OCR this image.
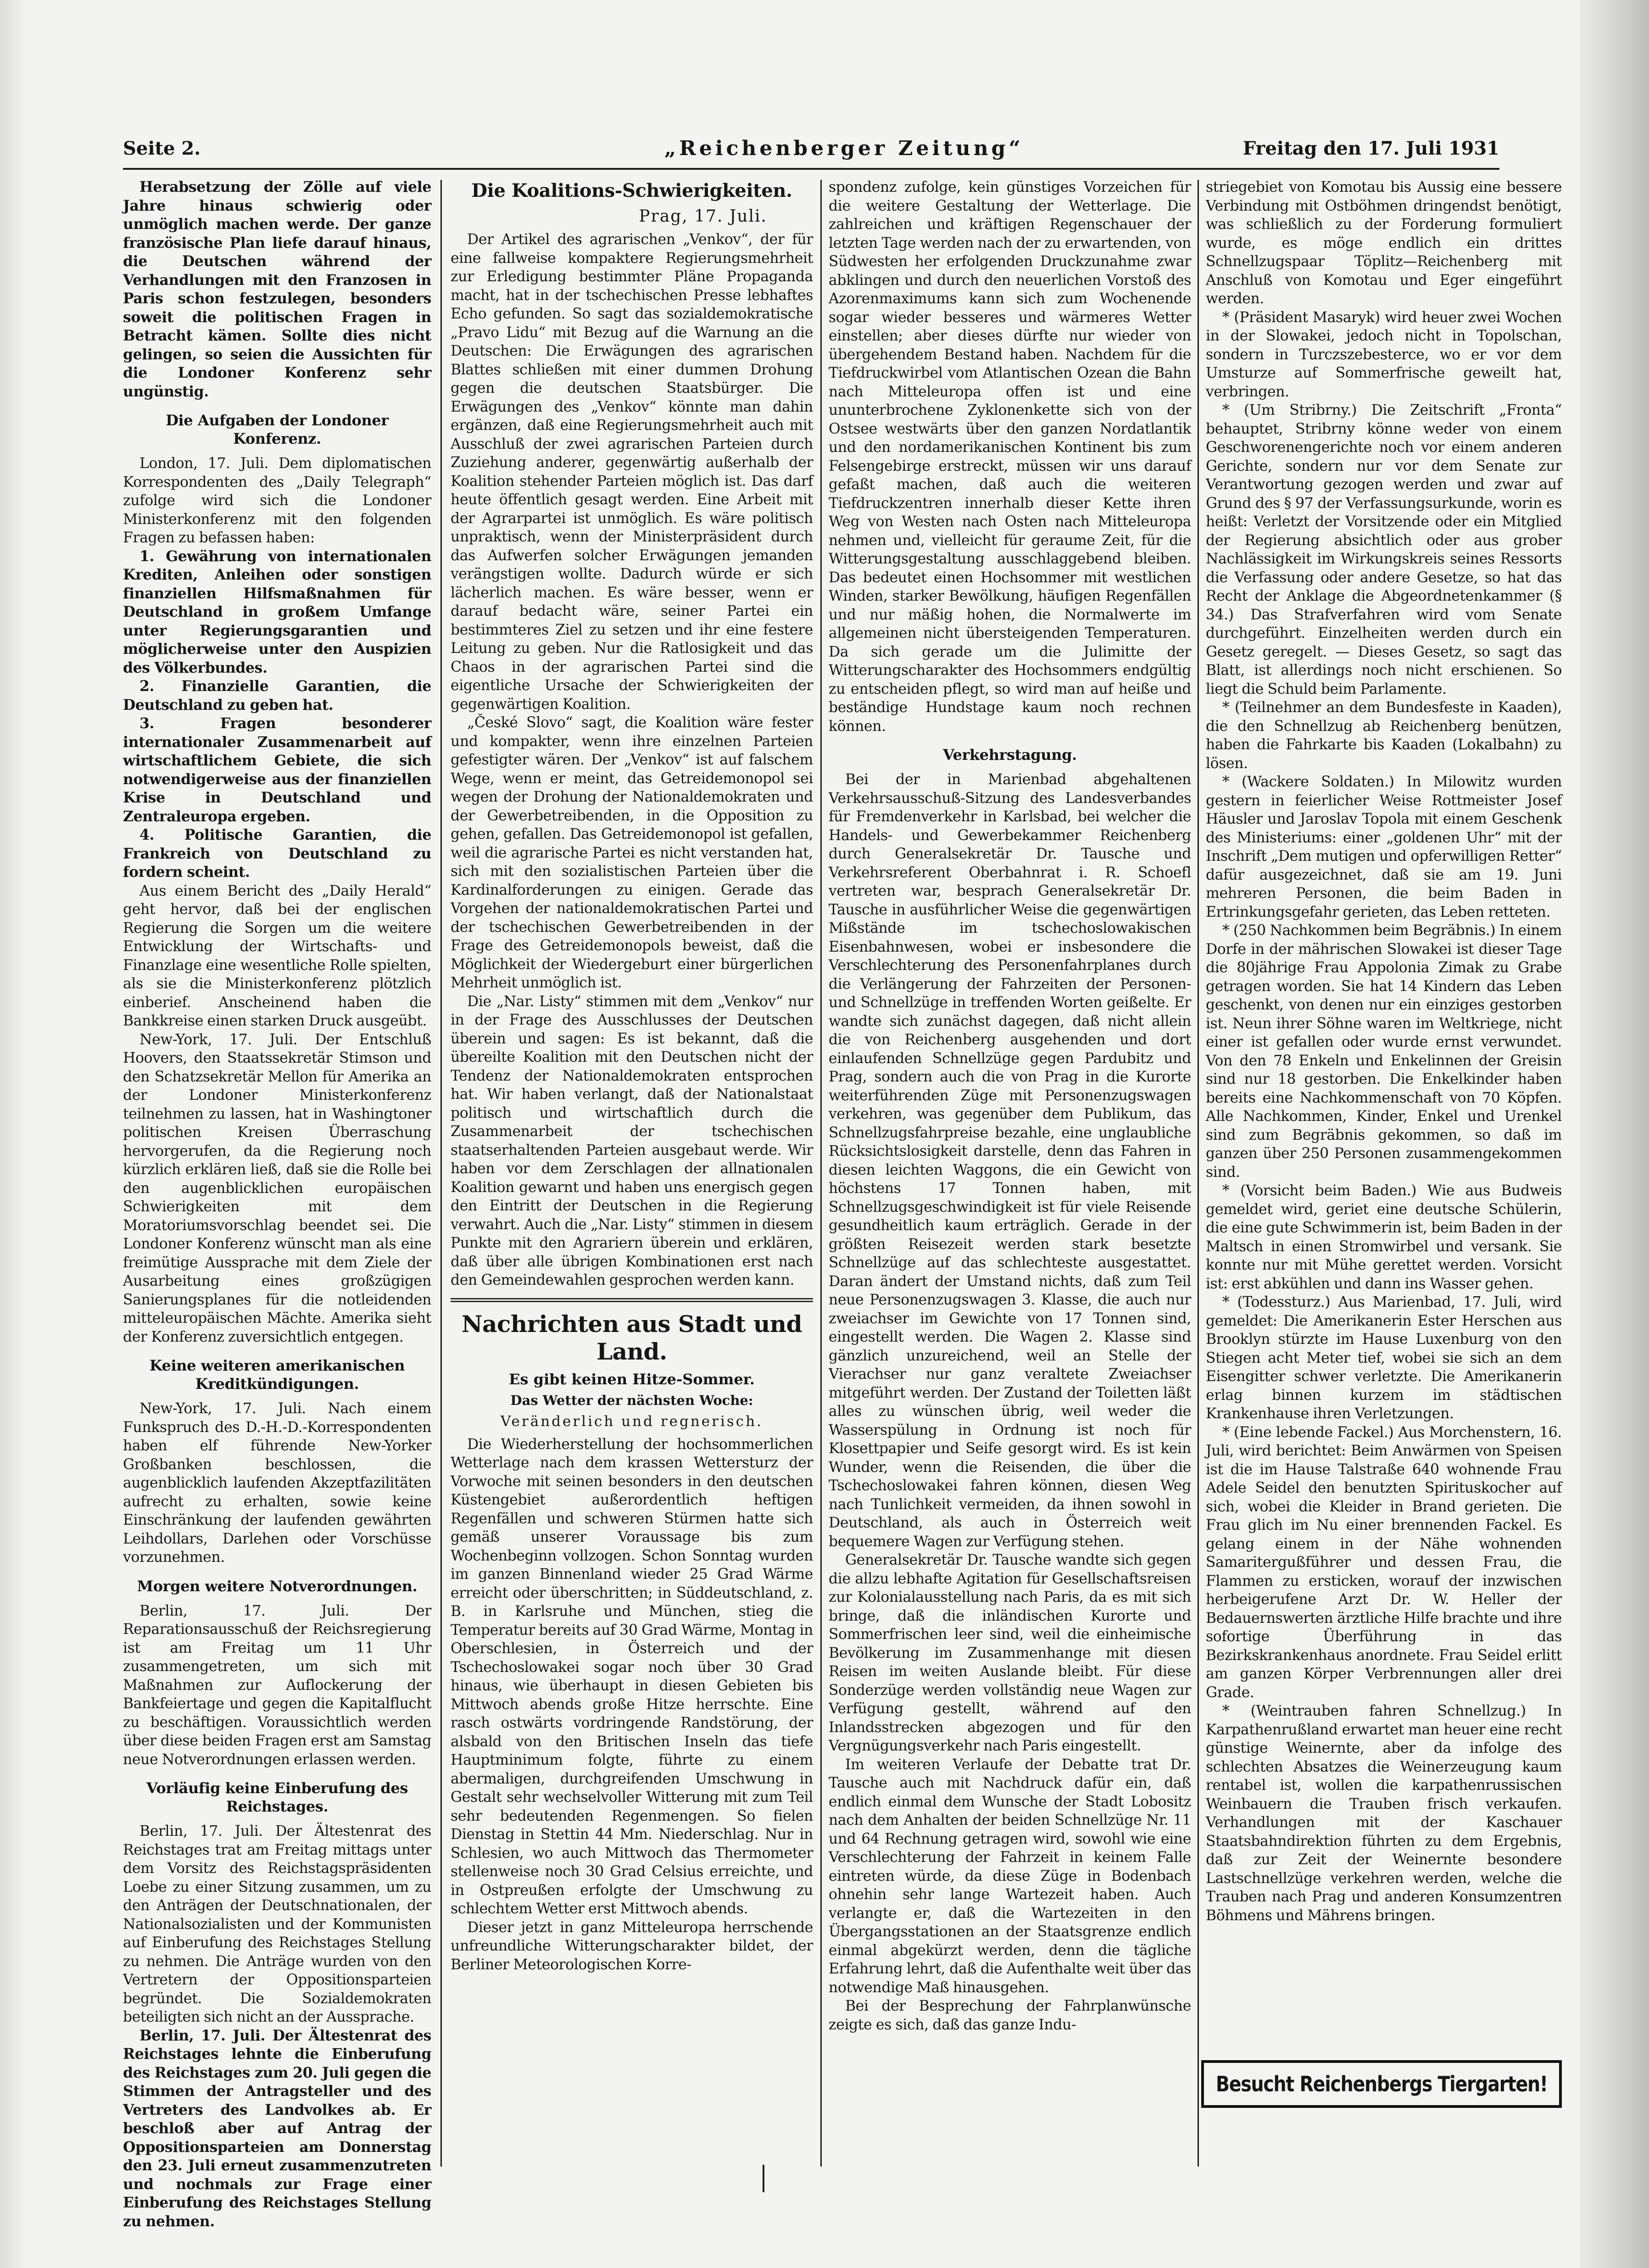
Seite 2.	„Reichenberger Zeitung“	Freitag den 17. Juli 1931

Herabsetzung der Zölle auf viele Jahre hinaus schwierig oder unmöglich machen werde. Der ganze französische Plan liefe darauf hinaus, die Deutschen während der Verhandlungen mit den Franzosen in Paris schon festzulegen, besonders soweit die politischen Fragen in Betracht kämen. Sollte dies nicht gelingen, so seien die Aussichten für die Londoner Konferenz sehr ungünstig.

Die Aufgaben der Londoner Konferenz.

London, 17. Juli. Dem diplomatischen Korrespondenten des „Daily Telegraph“ zufolge wird sich die Londoner Ministerkonferenz mit den folgenden Fragen zu befassen haben:

1. Gewährung von internationalen Krediten, Anleihen oder sonstigen finanziellen Hilfsmaßnahmen für Deutschland in großem Umfange unter Regierungsgarantien und möglicherweise unter den Auspizien des Völkerbundes.

2. Finanzielle Garantien, die Deutschland zu geben hat.

3. Fragen besonderer internationaler Zusammenarbeit auf wirtschaftlichem Gebiete, die sich notwendigerweise aus der finanziellen Krise in Deutschland und Zentraleuropa ergeben.

4. Politische Garantien, die Frankreich von Deutschland zu fordern scheint.

Aus einem Bericht des „Daily Herald“ geht hervor, daß bei der englischen Regierung die Sorgen um die weitere Entwicklung der Wirtschafts- und Finanzlage eine wesentliche Rolle spielten, als sie die Ministerkonferenz plötzlich einberief. Anscheinend haben die Bankkreise einen starken Druck ausgeübt.

New-York, 17. Juli. Der Entschluß Hoovers, den Staatssekretär Stimson und den Schatzsekretär Mellon für Amerika an der Londoner Ministerkonferenz teilnehmen zu lassen, hat in Washingtoner politischen Kreisen Überraschung hervorgerufen, da die Regierung noch kürzlich erklären ließ, daß sie die Rolle bei den augenblicklichen europäischen Schwierigkeiten mit dem Moratoriumsvorschlag beendet sei. Die Londoner Konferenz wünscht man als eine freimütige Aussprache mit dem Ziele der Ausarbeitung eines großzügigen Sanierungsplanes für die notleidenden mitteleuropäischen Mächte. Amerika sieht der Konferenz zuversichtlich entgegen.

Keine weiteren amerikanischen Kreditkündigungen.

New-York, 17. Juli. Nach einem Funkspruch des D.-H.-D.-Korrespondenten haben elf führende New-Yorker Großbanken beschlossen, die augenblicklich laufenden Akzeptfazilitäten aufrecht zu erhalten, sowie keine Einschränkung der laufenden gewährten Leihdollars, Darlehen oder Vorschüsse vorzunehmen.

Morgen weitere Notverordnungen.

Berlin, 17. Juli. Der Reparationsausschuß der Reichsregierung ist am Freitag um 11 Uhr zusammengetreten, um sich mit Maßnahmen zur Auflockerung der Bankfeiertage und gegen die Kapitalflucht zu beschäftigen. Voraussichtlich werden über diese beiden Fragen erst am Samstag neue Notverordnungen erlassen werden.

Vorläufig keine Einberufung des Reichstages.

Berlin, 17. Juli. Der Ältestenrat des Reichstages trat am Freitag mittags unter dem Vorsitz des Reichstagspräsidenten Loebe zu einer Sitzung zusammen, um zu den Anträgen der Deutschnationalen, der Nationalsozialisten und der Kommunisten auf Einberufung des Reichstages Stellung zu nehmen. Die Anträge wurden von den Vertretern der Oppositionsparteien begründet. Die Sozialdemokraten beteiligten sich nicht an der Aussprache.

Berlin, 17. Juli. Der Ältestenrat des Reichstages lehnte die Einberufung des Reichstages zum 20. Juli gegen die Stimmen der Antragsteller und des Vertreters des Landvolkes ab. Er beschloß aber auf Antrag der Oppositionsparteien am Donnerstag den 23. Juli erneut zusammenzutreten und nochmals zur Frage einer Einberufung des Reichstages Stellung zu nehmen.

Die Koalitions-Schwierigkeiten.
Prag, 17. Juli.

Der Artikel des agrarischen „Venkov“, der für eine fallweise kompaktere Regierungsmehrheit zur Erledigung bestimmter Pläne Propaganda macht, hat in der tschechischen Presse lebhaftes Echo gefunden. So sagt das sozialdemokratische „Pravo Lidu“ mit Bezug auf die Warnung an die Deutschen: Die Erwägungen des agrarischen Blattes schließen mit einer dummen Drohung gegen die deutschen Staatsbürger. Die Erwägungen des „Venkov“ könnte man dahin ergänzen, daß eine Regierungsmehrheit auch mit Ausschluß der zwei agrarischen Parteien durch Zuziehung anderer, gegenwärtig außerhalb der Koalition stehender Parteien möglich ist. Das darf heute öffentlich gesagt werden. Eine Arbeit mit der Agrarpartei ist unmöglich. Es wäre politisch unpraktisch, wenn der Ministerpräsident durch das Aufwerfen solcher Erwägungen jemanden verängstigen wollte. Dadurch würde er sich lächerlich machen. Es wäre besser, wenn er darauf bedacht wäre, seiner Partei ein bestimmteres Ziel zu setzen und ihr eine festere Leitung zu geben. Nur die Ratlosigkeit und das Chaos in der agrarischen Partei sind die eigentliche Ursache der Schwierigkeiten der gegenwärtigen Koalition.

„České Slovo“ sagt, die Koalition wäre fester und kompakter, wenn ihre einzelnen Parteien gefestigter wären. Der „Venkov“ ist auf falschem Wege, wenn er meint, das Getreidemonopol sei wegen der Drohung der Nationaldemokraten und der Gewerbetreibenden, in die Opposition zu gehen, gefallen. Das Getreidemonopol ist gefallen, weil die agrarische Partei es nicht verstanden hat, sich mit den sozialistischen Parteien über die Kardinalforderungen zu einigen. Gerade das Vorgehen der nationaldemokratischen Partei und der tschechischen Gewerbetreibenden in der Frage des Getreidemonopols beweist, daß die Möglichkeit der Wiedergeburt einer bürgerlichen Mehrheit unmöglich ist.

Die „Nar. Listy“ stimmen mit dem „Venkov“ nur in der Frage des Ausschlusses der Deutschen überein und sagen: Es ist bekannt, daß die übereilte Koalition mit den Deutschen nicht der Tendenz der Nationaldemokraten entsprochen hat. Wir haben verlangt, daß der Nationalstaat politisch und wirtschaftlich durch die Zusammenarbeit der tschechischen staatserhaltenden Parteien ausgebaut werde. Wir haben vor dem Zerschlagen der allnationalen Koalition gewarnt und haben uns energisch gegen den Eintritt der Deutschen in die Regierung verwahrt. Auch die „Nar. Listy“ stimmen in diesem Punkte mit den Agrariern überein und erklären, daß über alle übrigen Kombinationen erst nach den Gemeindewahlen gesprochen werden kann.

Nachrichten aus Stadt und Land.
Es gibt keinen Hitze-Sommer.
Das Wetter der nächsten Woche:
Veränderlich und regnerisch.

Die Wiederherstellung der hochsommerlichen Wetterlage nach dem krassen Wettersturz der Vorwoche mit seinen besonders in den deutschen Küstengebiet außerordentlich heftigen Regenfällen und schweren Stürmen hatte sich gemäß unserer Voraussage bis zum Wochenbeginn vollzogen. Schon Sonntag wurden im ganzen Binnenland wieder 25 Grad Wärme erreicht oder überschritten; in Süddeutschland, z. B. in Karlsruhe und München, stieg die Temperatur bereits auf 30 Grad Wärme, Montag in Oberschlesien, in Österreich und der Tschechoslowakei sogar noch über 30 Grad hinaus, wie überhaupt in diesen Gebieten bis Mittwoch abends große Hitze herrschte. Eine rasch ostwärts vordringende Randstörung, der alsbald von den Britischen Inseln das tiefe Hauptminimum folgte, führte zu einem abermaligen, durchgreifenden Umschwung in Gestalt sehr wechselvoller Witterung mit zum Teil sehr bedeutenden Regenmengen. So fielen Dienstag in Stettin 44 Mm. Niederschlag. Nur in Schlesien, wo auch Mittwoch das Thermometer stellenweise noch 30 Grad Celsius erreichte, und in Ostpreußen erfolgte der Umschwung zu schlechtem Wetter erst Mittwoch abends.

Dieser jetzt in ganz Mitteleuropa herrschende unfreundliche Witterungscharakter bildet, der Berliner Meteorologischen Korre-

spondenz zufolge, kein günstiges Vorzeichen für die weitere Gestaltung der Wetterlage. Die zahlreichen und kräftigen Regenschauer der letzten Tage werden nach der zu erwartenden, von Südwesten her erfolgenden Druckzunahme zwar abklingen und durch den neuerlichen Vorstoß des Azorenmaximums kann sich zum Wochenende sogar wieder besseres und wärmeres Wetter einstellen; aber dieses dürfte nur wieder von übergehendem Bestand haben. Nachdem für die Tiefdruckwirbel vom Atlantischen Ozean die Bahn nach Mitteleuropa offen ist und eine ununterbrochene Zyklonenkette sich von der Ostsee westwärts über den ganzen Nordatlantik und den nordamerikanischen Kontinent bis zum Felsengebirge erstreckt, müssen wir uns darauf gefaßt machen, daß auch die weiteren Tiefdruckzentren innerhalb dieser Kette ihren Weg von Westen nach Osten nach Mitteleuropa nehmen und, vielleicht für geraume Zeit, für die Witterungsgestaltung ausschlaggebend bleiben. Das bedeutet einen Hochsommer mit westlichen Winden, starker Bewölkung, häufigen Regenfällen und nur mäßig hohen, die Normalwerte im allgemeinen nicht übersteigenden Temperaturen. Da sich gerade um die Julimitte der Witterungscharakter des Hochsommers endgültig zu entscheiden pflegt, so wird man auf heiße und beständige Hundstage kaum noch rechnen können.

Verkehrstagung.

Bei der in Marienbad abgehaltenen Verkehrsausschuß-Sitzung des Landesverbandes für Fremdenverkehr in Karlsbad, bei welcher die Handels- und Gewerbekammer Reichenberg durch Generalsekretär Dr. Tausche und Verkehrsreferent Oberbahnrat i. R. Schoefl vertreten war, besprach Generalsekretär Dr. Tausche in ausführlicher Weise die gegenwärtigen Mißstände im tschechoslowakischen Eisenbahnwesen, wobei er insbesondere die Verschlechterung des Personenfahrplanes durch die Verlängerung der Fahrzeiten der Personen- und Schnellzüge in treffenden Worten geißelte. Er wandte sich zunächst dagegen, daß nicht allein die von Reichenberg ausgehenden und dort einlaufenden Schnellzüge gegen Pardubitz und Prag, sondern auch die von Prag in die Kurorte weiterführenden Züge mit Personenzugswagen verkehren, was gegenüber dem Publikum, das Schnellzugsfahrpreise bezahle, eine unglaubliche Rücksichtslosigkeit darstelle, denn das Fahren in diesen leichten Waggons, die ein Gewicht von höchstens 17 Tonnen haben, mit Schnellzugsgeschwindigkeit ist für viele Reisende gesundheitlich kaum erträglich. Gerade in der größten Reisezeit werden stark besetzte Schnellzüge auf das schlechteste ausgestattet. Daran ändert der Umstand nichts, daß zum Teil neue Personenzugswagen 3. Klasse, die auch nur zweiachser im Gewichte von 17 Tonnen sind, eingestellt werden. Die Wagen 2. Klasse sind gänzlich unzureichend, weil an Stelle der Vierachser nur ganz veraltete Zweiachser mitgeführt werden. Der Zustand der Toiletten läßt alles zu wünschen übrig, weil weder die Wasserspülung in Ordnung ist noch für Klosettpapier und Seife gesorgt wird. Es ist kein Wunder, wenn die Reisenden, die über die Tschechoslowakei fahren können, diesen Weg nach Tunlichkeit vermeiden, da ihnen sowohl in Deutschland, als auch in Österreich weit bequemere Wagen zur Verfügung stehen.

Generalsekretär Dr. Tausche wandte sich gegen die allzu lebhafte Agitation für Gesellschaftsreisen zur Kolonialausstellung nach Paris, da es mit sich bringe, daß die inländischen Kurorte und Sommerfrischen leer sind, weil die einheimische Bevölkerung im Zusammenhange mit diesen Reisen im weiten Auslande bleibt. Für diese Sonderzüge werden vollständig neue Wagen zur Verfügung gestellt, während auf den Inlandsstrecken abgezogen und für den Vergnügungsverkehr nach Paris eingestellt.

Im weiteren Verlaufe der Debatte trat Dr. Tausche auch mit Nachdruck dafür ein, daß endlich einmal dem Wunsche der Stadt Lobositz nach dem Anhalten der beiden Schnellzüge Nr. 11 und 64 Rechnung getragen wird, sowohl wie eine Verschlechterung der Fahrzeit in keinem Falle eintreten würde, da diese Züge in Bodenbach ohnehin sehr lange Wartezeit haben. Auch verlangte er, daß die Wartezeiten in den Übergangsstationen an der Staatsgrenze endlich einmal abgekürzt werden, denn die tägliche Erfahrung lehrt, daß die Aufenthalte weit über das notwendige Maß hinausgehen.

Bei der Besprechung der Fahrplanwünsche zeigte es sich, daß das ganze Indu-

striegebiet von Komotau bis Aussig eine bessere Verbindung mit Ostböhmen dringendst benötigt, was schließlich zu der Forderung formuliert wurde, es möge endlich ein drittes Schnellzugspaar Töplitz—Reichenberg mit Anschluß von Komotau und Eger eingeführt werden.

* (Präsident Masaryk) wird heuer zwei Wochen in der Slowakei, jedoch nicht in Topolschan, sondern in Turczszebesterce, wo er vor dem Umsturze auf Sommerfrische geweilt hat, verbringen.

* (Um Stribrny.) Die Zeitschrift „Fronta“ behauptet, Stribrny könne weder von einem Geschworenengerichte noch vor einem anderen Gerichte, sondern nur vor dem Senate zur Verantwortung gezogen werden und zwar auf Grund des § 97 der Verfassungsurkunde, worin es heißt: Verletzt der Vorsitzende oder ein Mitglied der Regierung absichtlich oder aus grober Nachlässigkeit im Wirkungskreis seines Ressorts die Verfassung oder andere Gesetze, so hat das Recht der Anklage die Abgeordnetenkammer (§ 34.) Das Strafverfahren wird vom Senate durchgeführt. Einzelheiten werden durch ein Gesetz geregelt. — Dieses Gesetz, so sagt das Blatt, ist allerdings noch nicht erschienen. So liegt die Schuld beim Parlamente.

* (Teilnehmer an dem Bundesfeste in Kaaden), die den Schnellzug ab Reichenberg benützen, haben die Fahrkarte bis Kaaden (Lokalbahn) zu lösen.

* (Wackere Soldaten.) In Milowitz wurden gestern in feierlicher Weise Rottmeister Josef Häusler und Jaroslav Topola mit einem Geschenk des Ministeriums: einer „goldenen Uhr“ mit der Inschrift „Dem mutigen und opferwilligen Retter“ dafür ausgezeichnet, daß sie am 19. Juni mehreren Personen, die beim Baden in Ertrinkungsgefahr gerieten, das Leben retteten.

* (250 Nachkommen beim Begräbnis.) In einem Dorfe in der mährischen Slowakei ist dieser Tage die 80jährige Frau Appolonia Zimak zu Grabe getragen worden. Sie hat 14 Kindern das Leben geschenkt, von denen nur ein einziges gestorben ist. Neun ihrer Söhne waren im Weltkriege, nicht einer ist gefallen oder wurde ernst verwundet. Von den 78 Enkeln und Enkelinnen der Greisin sind nur 18 gestorben. Die Enkelkinder haben bereits eine Nachkommenschaft von 70 Köpfen. Alle Nachkommen, Kinder, Enkel und Urenkel sind zum Begräbnis gekommen, so daß im ganzen über 250 Personen zusammengekommen sind.

* (Vorsicht beim Baden.) Wie aus Budweis gemeldet wird, geriet eine deutsche Schülerin, die eine gute Schwimmerin ist, beim Baden in der Maltsch in einen Stromwirbel und versank. Sie konnte nur mit Mühe gerettet werden. Vorsicht ist: erst abkühlen und dann ins Wasser gehen.

* (Todessturz.) Aus Marienbad, 17. Juli, wird gemeldet: Die Amerikanerin Ester Herschen aus Brooklyn stürzte im Hause Luxenburg von den Stiegen acht Meter tief, wobei sie sich an dem Eisengitter schwer verletzte. Die Amerikanerin erlag binnen kurzem im städtischen Krankenhause ihren Verletzungen.

* (Eine lebende Fackel.) Aus Morchenstern, 16. Juli, wird berichtet: Beim Anwärmen von Speisen ist die im Hause Talstraße 640 wohnende Frau Adele Seidel den benutzten Spirituskocher auf sich, wobei die Kleider in Brand gerieten. Die Frau glich im Nu einer brennenden Fackel. Es gelang einem in der Nähe wohnenden Samaritergußführer und dessen Frau, die Flammen zu ersticken, worauf der inzwischen herbeigerufene Arzt Dr. W. Heller der Bedauernswerten ärztliche Hilfe brachte und ihre sofortige Überführung in das Bezirkskrankenhaus anordnete. Frau Seidel erlitt am ganzen Körper Verbrennungen aller drei Grade.

* (Weintrauben fahren Schnellzug.) In Karpathenrußland erwartet man heuer eine recht günstige Weinernte, aber da infolge des schlechten Absatzes die Weinerzeugung kaum rentabel ist, wollen die karpathenrussischen Weinbauern die Trauben frisch verkaufen. Verhandlungen mit der Kaschauer Staatsbahndirektion führten zu dem Ergebnis, daß zur Zeit der Weinernte besondere Lastschnellzüge verkehren werden, welche die Trauben nach Prag und anderen Konsumzentren Böhmens und Mährens bringen.

Besucht Reichenbergs Tiergarten!
